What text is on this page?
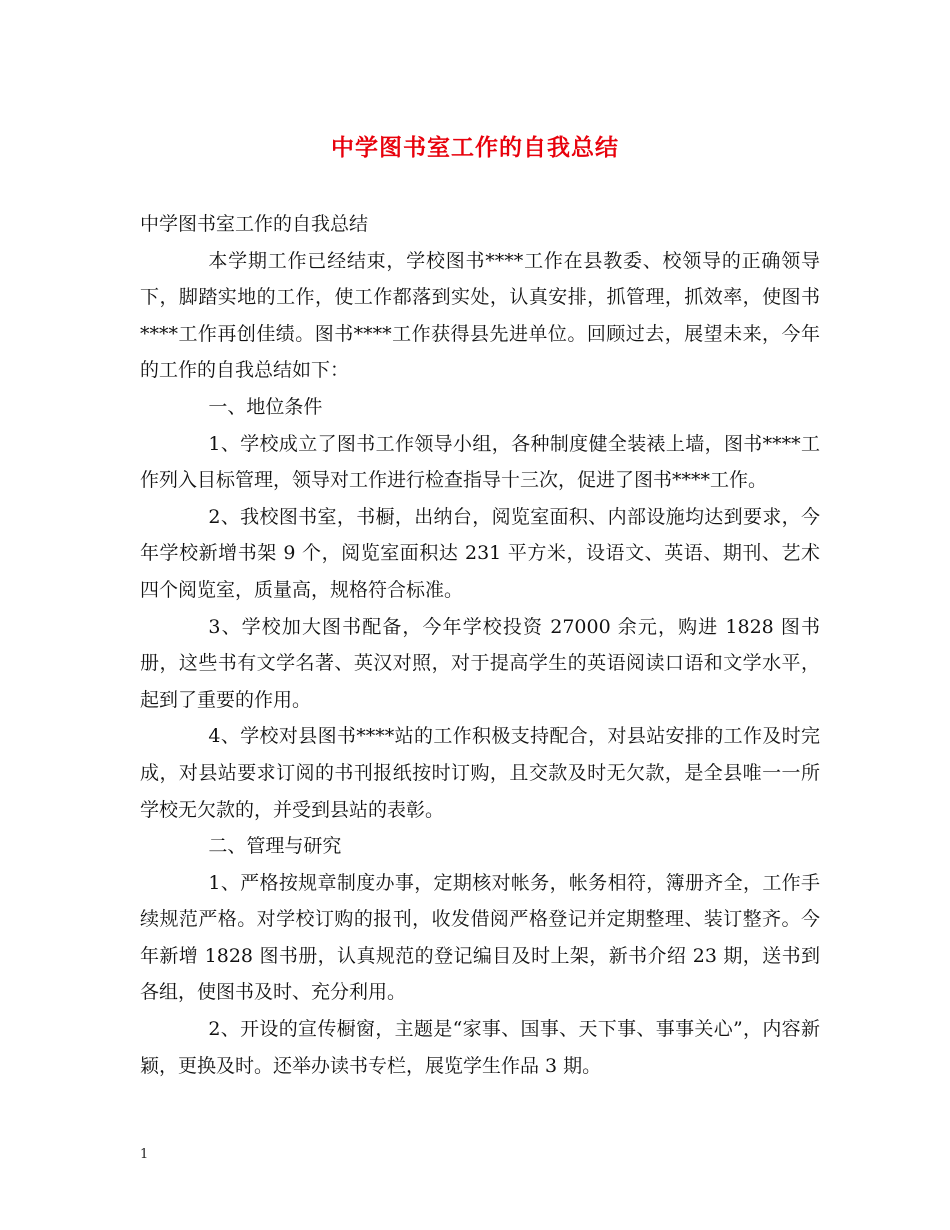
中学图书室工作的自我总结

中学图书室工作的自我总结

本学期工作已经结束，学校图书****工作在县教委、校领导的正确领导下，脚踏实地的工作，使工作都落到实处，认真安排，抓管理，抓效率，使图书****工作再创佳绩。图书****工作获得县先进单位。回顾过去，展望未来，今年的工作的自我总结如下：

一、地位条件

1、学校成立了图书工作领导小组，各种制度健全装裱上墙，图书****工作列入目标管理，领导对工作进行检查指导十三次，促进了图书****工作。

2、我校图书室，书橱，出纳台，阅览室面积、内部设施均达到要求，今年学校新增书架 9 个，阅览室面积达 231 平方米，设语文、英语、期刊、艺术四个阅览室，质量高，规格符合标准。

3、学校加大图书配备，今年学校投资 27000 余元，购进 1828 图书册，这些书有文学名著、英汉对照，对于提高学生的英语阅读口语和文学水平，起到了重要的作用。

4、学校对县图书****站的工作积极支持配合，对县站安排的工作及时完成，对县站要求订阅的书刊报纸按时订购，且交款及时无欠款，是全县唯一一所学校无欠款的，并受到县站的表彰。

二、管理与研究

1、严格按规章制度办事，定期核对帐务，帐务相符，簿册齐全，工作手续规范严格。对学校订购的报刊，收发借阅严格登记并定期整理、装订整齐。今年新增 1828 图书册，认真规范的登记编目及时上架，新书介绍 23 期，送书到各组，使图书及时、充分利用。

2、开设的宣传橱窗，主题是“家事、国事、天下事、事事关心”，内容新颖，更换及时。还举办读书专栏，展览学生作品 3 期。

1
